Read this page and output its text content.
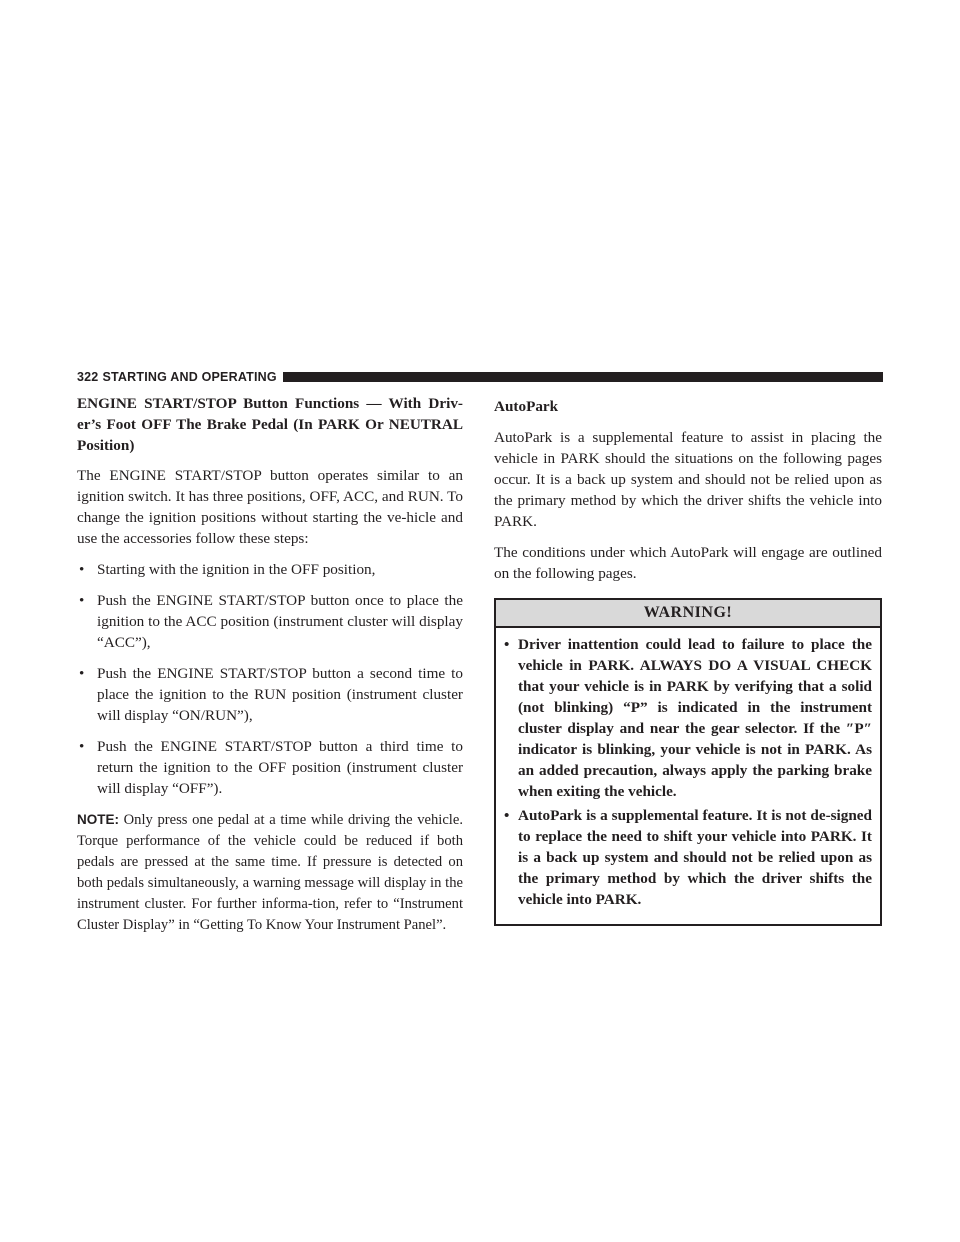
322 STARTING AND OPERATING
ENGINE START/STOP Button Functions — With Driv-er’s Foot OFF The Brake Pedal (In PARK Or NEUTRAL Position)

The ENGINE START/STOP button operates similar to an ignition switch. It has three positions, OFF, ACC, and RUN. To change the ignition positions without starting the ve-hicle and use the accessories follow these steps:

• Starting with the ignition in the OFF position,
• Push the ENGINE START/STOP button once to place the ignition to the ACC position (instrument cluster will display “ACC”),
• Push the ENGINE START/STOP button a second time to place the ignition to the RUN position (instrument cluster will display “ON/RUN”),
• Push the ENGINE START/STOP button a third time to return the ignition to the OFF position (instrument cluster will display “OFF”).

NOTE: Only press one pedal at a time while driving the vehicle. Torque performance of the vehicle could be reduced if both pedals are pressed at the same time. If pressure is detected on both pedals simultaneously, a warning message will display in the instrument cluster. For further informa-tion, refer to “Instrument Cluster Display” in “Getting To Know Your Instrument Panel”.

AutoPark

AutoPark is a supplemental feature to assist in placing the vehicle in PARK should the situations on the following pages occur. It is a back up system and should not be relied upon as the primary method by which the driver shifts the vehicle into PARK.

The conditions under which AutoPark will engage are outlined on the following pages.

WARNING!
• Driver inattention could lead to failure to place the vehicle in PARK. ALWAYS DO A VISUAL CHECK that your vehicle is in PARK by verifying that a solid (not blinking) “P” is indicated in the instrument cluster display and near the gear selector. If the ″P″ indicator is blinking, your vehicle is not in PARK. As an added precaution, always apply the parking brake when exiting the vehicle.
• AutoPark is a supplemental feature. It is not de-signed to replace the need to shift your vehicle into PARK. It is a back up system and should not be relied upon as the primary method by which the driver shifts the vehicle into PARK.
